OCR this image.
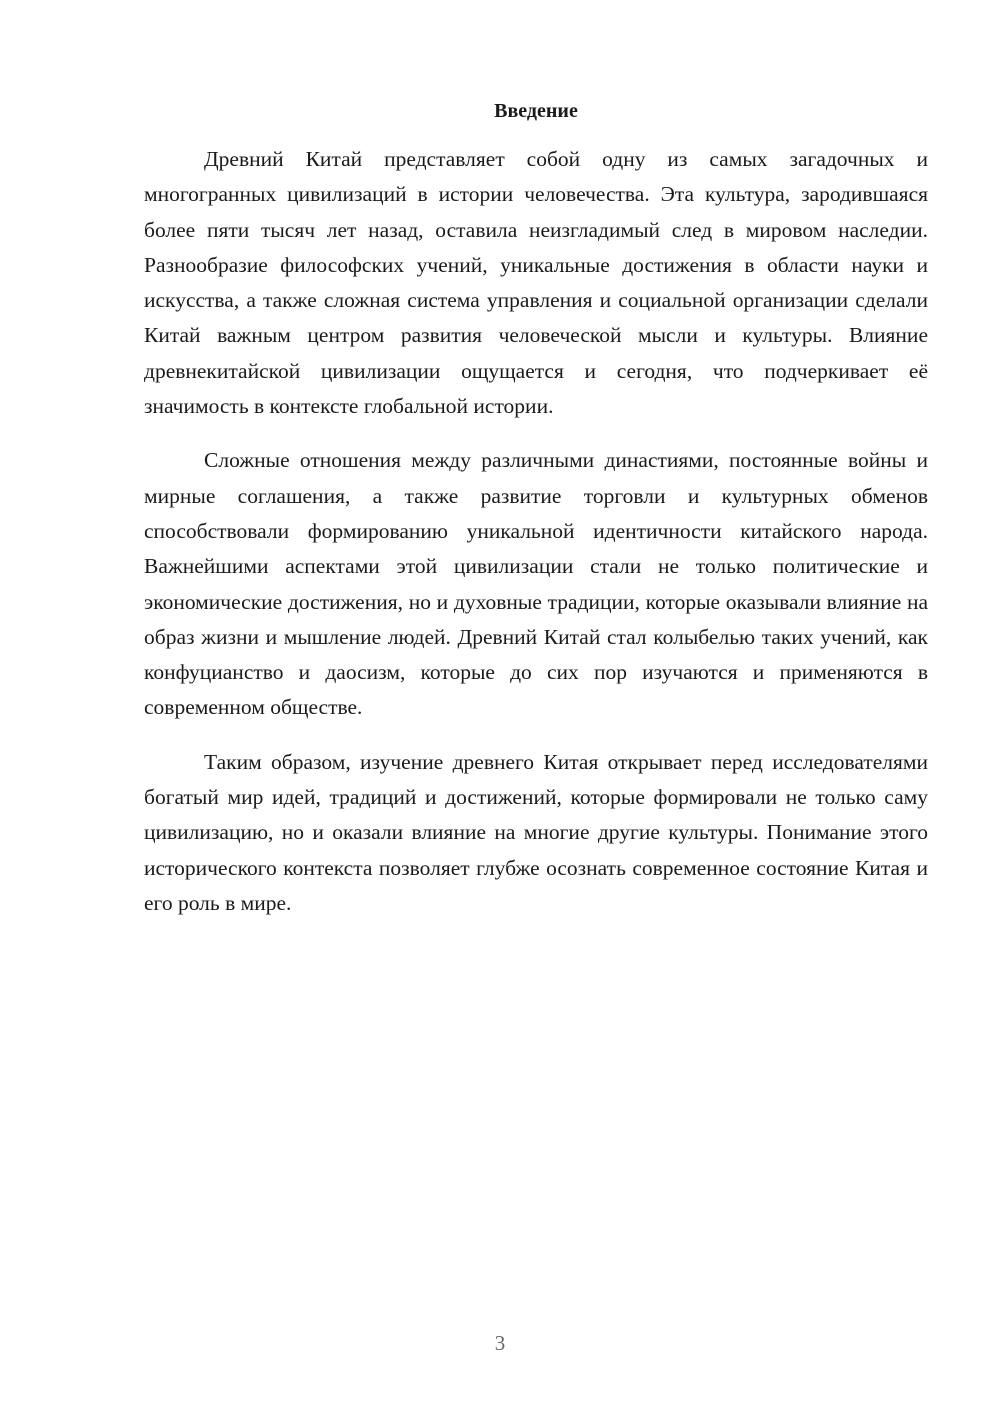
Введение

Древний Китай представляет собой одну из самых загадочных и многогранных цивилизаций в истории человечества. Эта культура, зародившаяся более пяти тысяч лет назад, оставила неизгладимый след в мировом наследии. Разнообразие философских учений, уникальные достижения в области науки и искусства, а также сложная система управления и социальной организации сделали Китай важным центром развития человеческой мысли и культуры. Влияние древнекитайской цивилизации ощущается и сегодня, что подчеркивает её значимость в контексте глобальной истории.

Сложные отношения между различными династиями, постоянные войны и мирные соглашения, а также развитие торговли и культурных обменов способствовали формированию уникальной идентичности китайского народа. Важнейшими аспектами этой цивилизации стали не только политические и экономические достижения, но и духовные традиции, которые оказывали влияние на образ жизни и мышление людей. Древний Китай стал колыбелью таких учений, как конфуцианство и даосизм, которые до сих пор изучаются и применяются в современном обществе.

Таким образом, изучение древнего Китая открывает перед исследователями богатый мир идей, традиций и достижений, которые формировали не только саму цивилизацию, но и оказали влияние на многие другие культуры. Понимание этого исторического контекста позволяет глубже осознать современное состояние Китая и его роль в мире.

3
